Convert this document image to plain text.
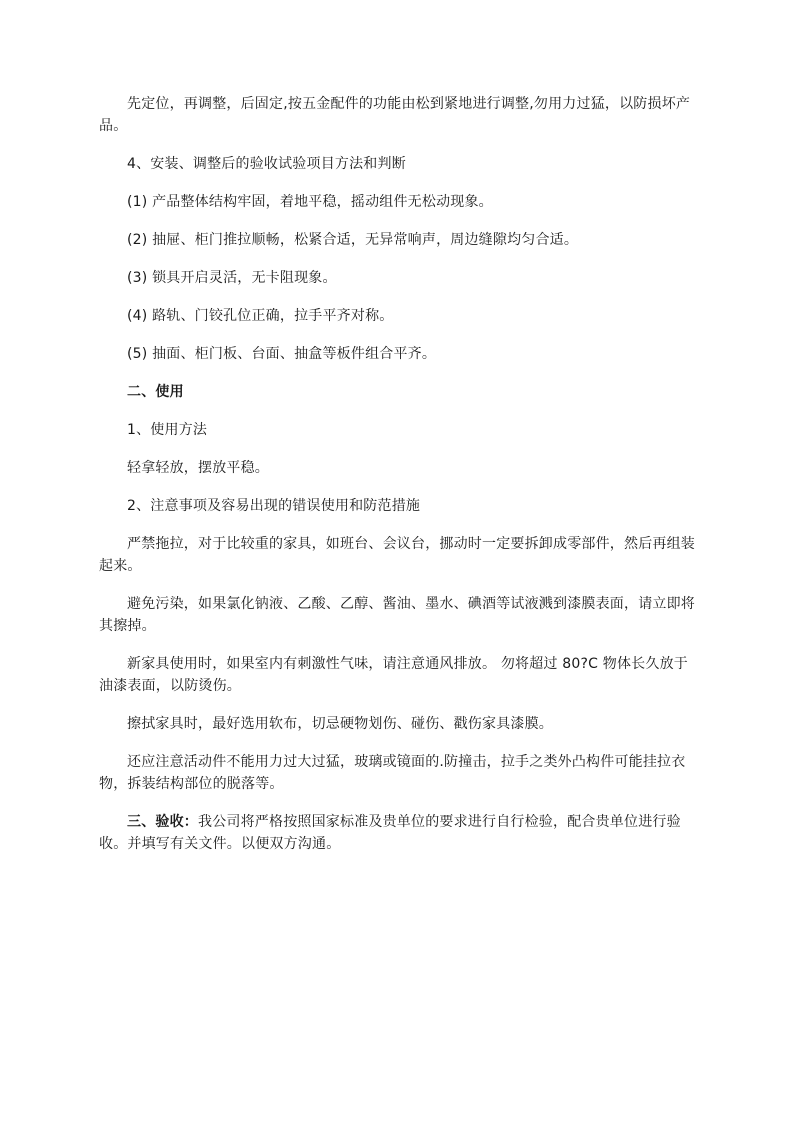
先定位，再调整，后固定,按五金配件的功能由松到紧地进行调整,勿用力过猛，以防损坏产品。

4、安装、调整后的验收试验项目方法和判断

(1) 产品整体结构牢固，着地平稳，摇动组件无松动现象。

(2) 抽屉、柜门推拉顺畅，松紧合适，无异常响声，周边缝隙均匀合适。

(3) 锁具开启灵活，无卡阻现象。

(4) 路轨、门铰孔位正确，拉手平齐对称。

(5) 抽面、柜门板、台面、抽盒等板件组合平齐。

二、使用

1、使用方法

轻拿轻放，摆放平稳。

2、注意事项及容易出现的错误使用和防范措施

严禁拖拉，对于比较重的家具，如班台、会议台，挪动时一定要拆卸成零部件，然后再组装起来。

避免污染，如果氯化钠液、乙酸、乙醇、酱油、墨水、碘酒等试液溅到漆膜表面，请立即将其擦掉。

新家具使用时，如果室内有刺激性气味，请注意通风排放。 勿将超过 80?C 物体长久放于油漆表面，以防烫伤。

擦拭家具时，最好选用软布，切忌硬物划伤、碰伤、戳伤家具漆膜。

还应注意活动件不能用力过大过猛，玻璃或镜面的.防撞击，拉手之类外凸构件可能挂拉衣物，拆装结构部位的脱落等。

三、验收：我公司将严格按照国家标准及贵单位的要求进行自行检验，配合贵单位进行验收。并填写有关文件。以便双方沟通。
